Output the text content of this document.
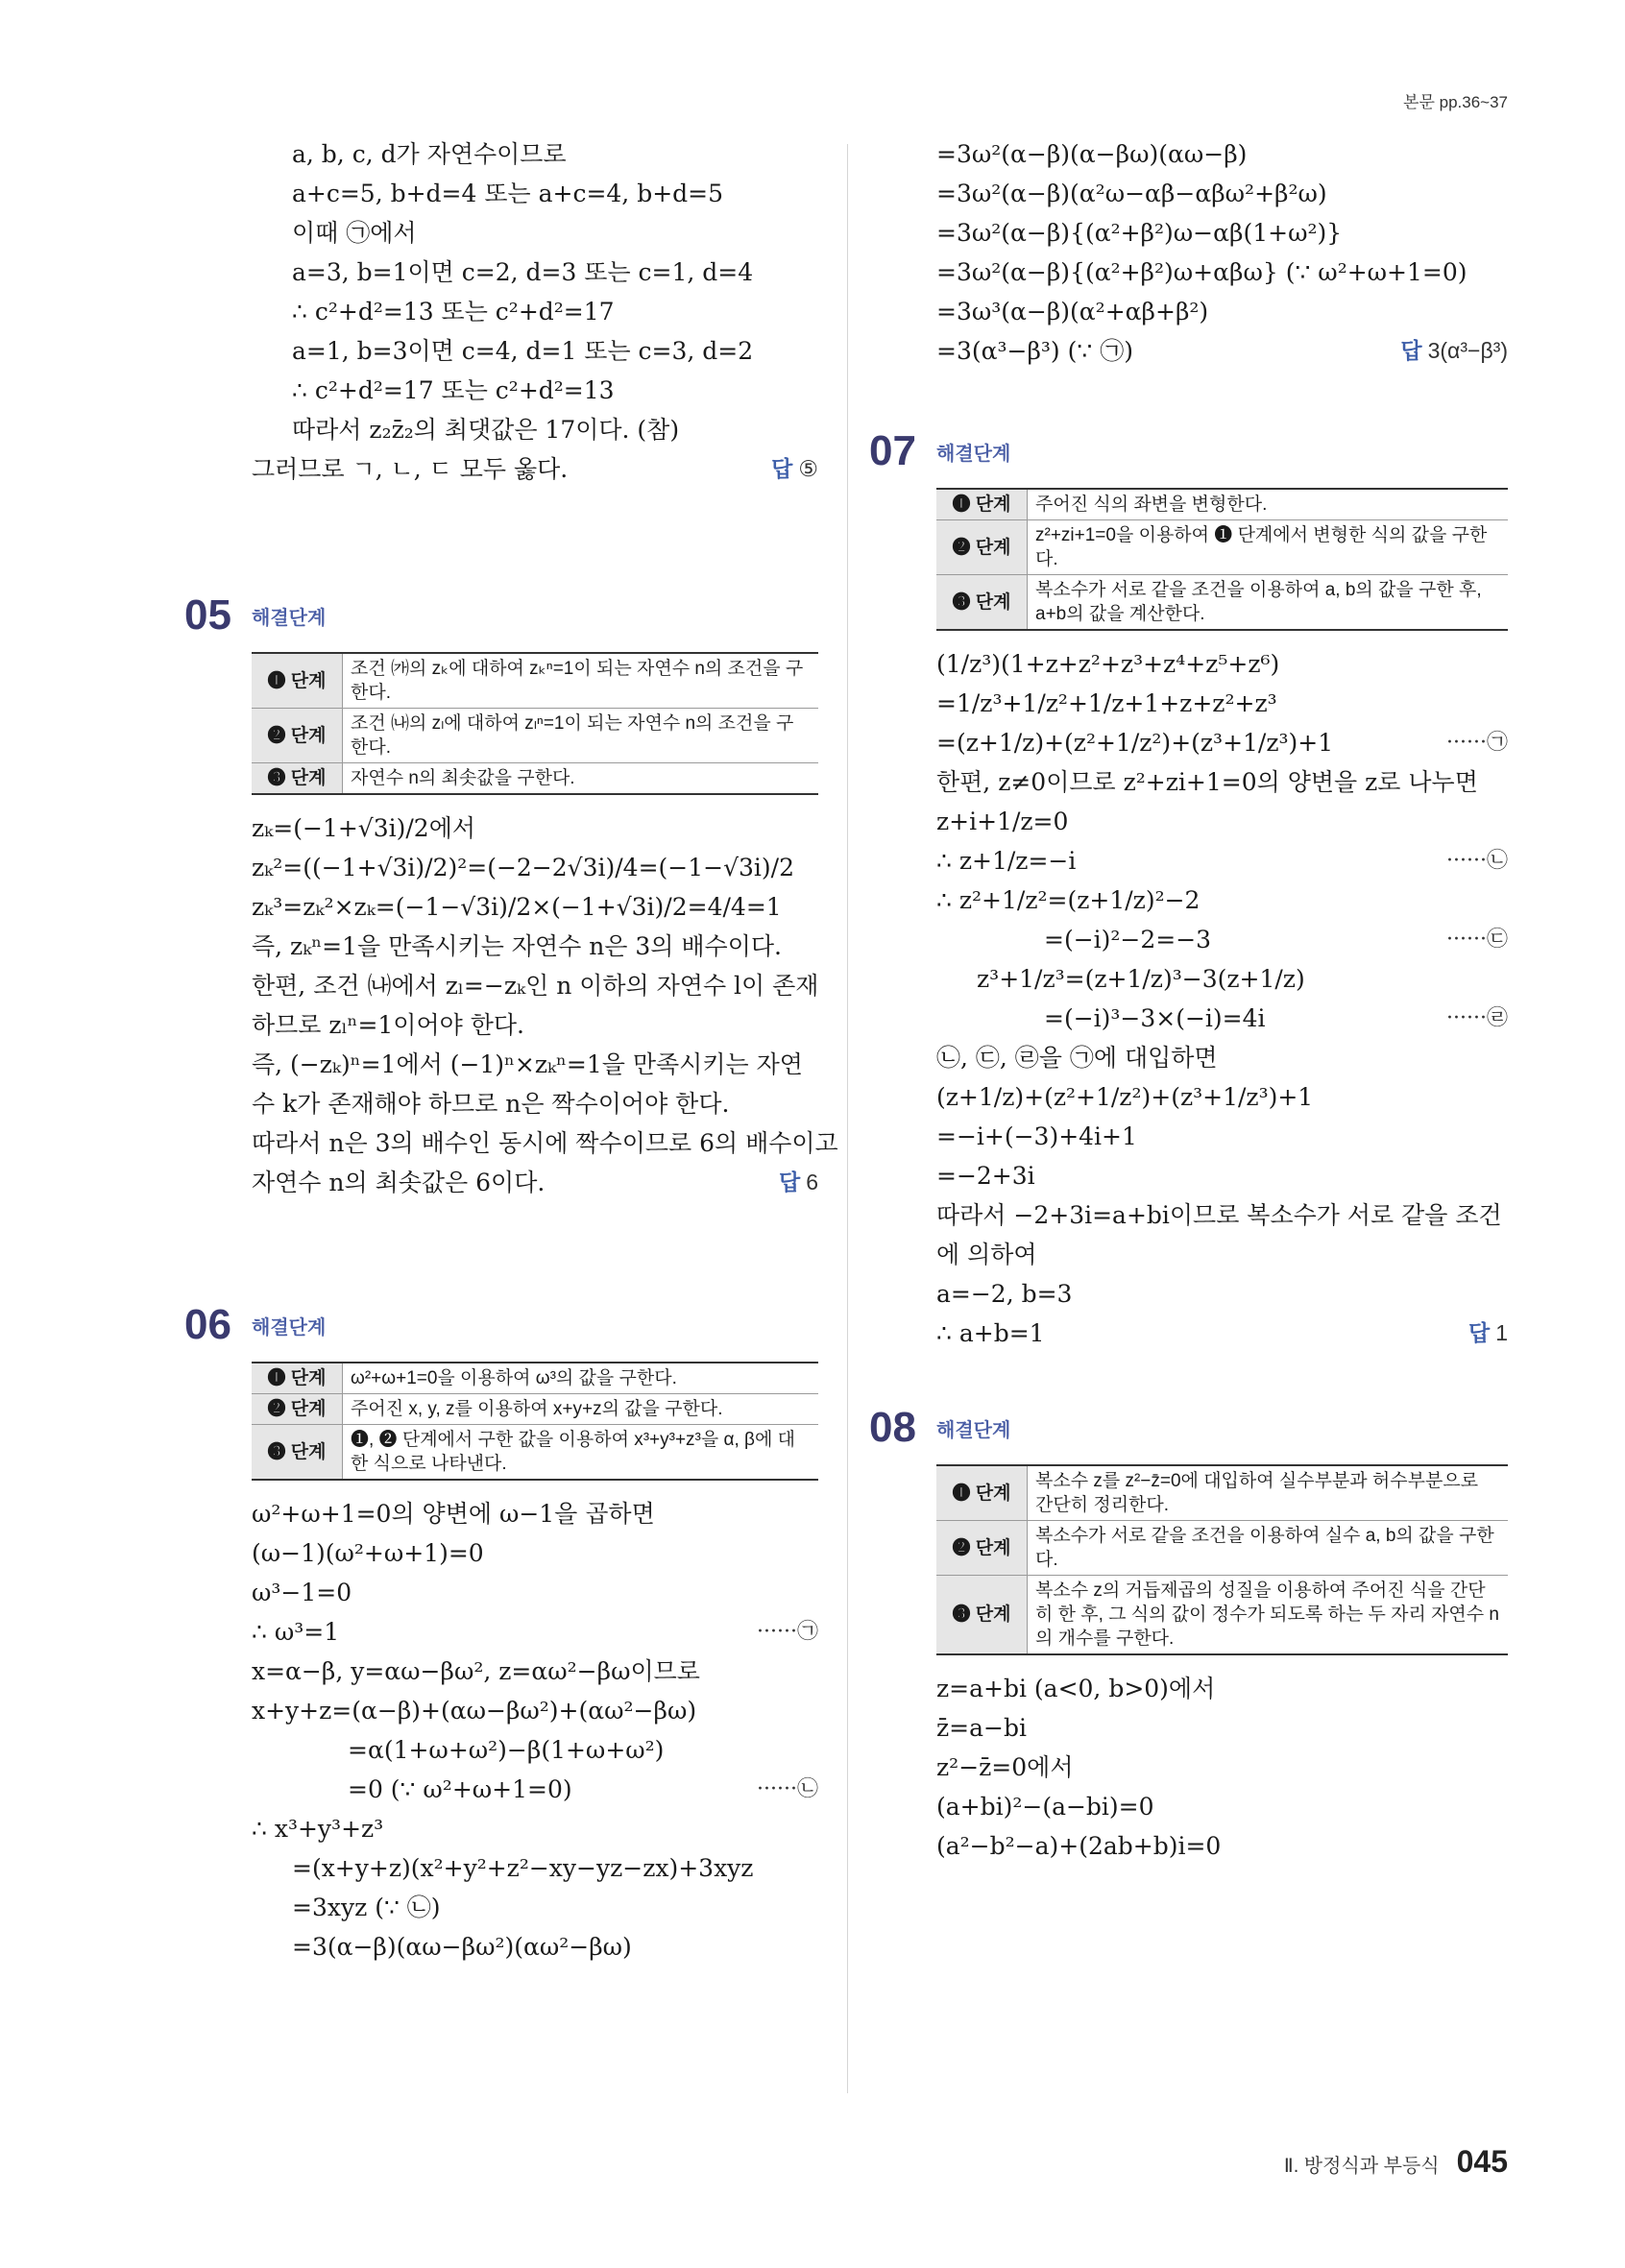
본문 pp.36~37
a, b, c, d가 자연수이므로
a+c=5, b+d=4 또는 a+c=4, b+d=5
이때 ㉠에서
a=3, b=1이면 c=2, d=3 또는 c=1, d=4
∴ c²+d²=13 또는 c²+d²=17
a=1, b=3이면 c=4, d=1 또는 c=3, d=2
∴ c²+d²=17 또는 c²+d²=13
따라서 z₂z̄₂의 최댓값은 17이다. (참)
그러므로 ㄱ, ㄴ, ㄷ 모두 옳다.	답 ⑤
05	해결단계
❶ 단계	조건 ㈎의 zₖ에 대하여 zₖⁿ=1이 되는 자연수 n의 조건을 구한다.
❷ 단계	조건 ㈏의 zₗ에 대하여 zₗⁿ=1이 되는 자연수 n의 조건을 구한다.
❸ 단계	자연수 n의 최솟값을 구한다.
zₖ=(−1+√3i)/2에서
zₖ²=((−1+√3i)/2)²=(−2−2√3i)/4=(−1−√3i)/2
zₖ³=zₖ²×zₖ=(−1−√3i)/2×(−1+√3i)/2=4/4=1
즉, zₖⁿ=1을 만족시키는 자연수 n은 3의 배수이다.
한편, 조건 ㈏에서 zₗ=−zₖ인 n 이하의 자연수 l이 존재
하므로 zₗⁿ=1이어야 한다.
즉, (−zₖ)ⁿ=1에서 (−1)ⁿ×zₖⁿ=1을 만족시키는 자연
수 k가 존재해야 하므로 n은 짝수이어야 한다.
따라서 n은 3의 배수인 동시에 짝수이므로 6의 배수이고
자연수 n의 최솟값은 6이다.	답 6
06	해결단계
❶ 단계	ω²+ω+1=0을 이용하여 ω³의 값을 구한다.
❷ 단계	주어진 x, y, z를 이용하여 x+y+z의 값을 구한다.
❸ 단계	❶, ❷ 단계에서 구한 값을 이용하여 x³+y³+z³을 α, β에 대한 식으로 나타낸다.
ω²+ω+1=0의 양변에 ω−1을 곱하면
(ω−1)(ω²+ω+1)=0
ω³−1=0
∴ ω³=1	······㉠
x=α−β, y=αω−βω², z=αω²−βω이므로
x+y+z=(α−β)+(αω−βω²)+(αω²−βω)
=α(1+ω+ω²)−β(1+ω+ω²)
=0 (∵ ω²+ω+1=0)	······㉡
∴ x³+y³+z³
=(x+y+z)(x²+y²+z²−xy−yz−zx)+3xyz
=3xyz (∵ ㉡)
=3(α−β)(αω−βω²)(αω²−βω)
=3ω²(α−β)(α−βω)(αω−β)
=3ω²(α−β)(α²ω−αβ−αβω²+β²ω)
=3ω²(α−β){(α²+β²)ω−αβ(1+ω²)}
=3ω²(α−β){(α²+β²)ω+αβω} (∵ ω²+ω+1=0)
=3ω³(α−β)(α²+αβ+β²)
=3(α³−β³) (∵ ㉠)	답 3(α³−β³)
07	해결단계
❶ 단계	주어진 식의 좌변을 변형한다.
❷ 단계	z²+zi+1=0을 이용하여 ❶ 단계에서 변형한 식의 값을 구한다.
❸ 단계	복소수가 서로 같을 조건을 이용하여 a, b의 값을 구한 후, a+b의 값을 계산한다.
(1/z³)(1+z+z²+z³+z⁴+z⁵+z⁶)
=1/z³+1/z²+1/z+1+z+z²+z³
=(z+1/z)+(z²+1/z²)+(z³+1/z³)+1	······㉠
한편, z≠0이므로 z²+zi+1=0의 양변을 z로 나누면
z+i+1/z=0
∴ z+1/z=−i	······㉡
∴ z²+1/z²=(z+1/z)²−2
=(−i)²−2=−3	······㉢
z³+1/z³=(z+1/z)³−3(z+1/z)
=(−i)³−3×(−i)=4i	······㉣
㉡, ㉢, ㉣을 ㉠에 대입하면
(z+1/z)+(z²+1/z²)+(z³+1/z³)+1
=−i+(−3)+4i+1
=−2+3i
따라서 −2+3i=a+bi이므로 복소수가 서로 같을 조건
에 의하여
a=−2, b=3
∴ a+b=1	답 1
08	해결단계
❶ 단계	복소수 z를 z²−z̄=0에 대입하여 실수부분과 허수부분으로 간단히 정리한다.
❷ 단계	복소수가 서로 같을 조건을 이용하여 실수 a, b의 값을 구한다.
❸ 단계	복소수 z의 거듭제곱의 성질을 이용하여 주어진 식을 간단히 한 후, 그 식의 값이 정수가 되도록 하는 두 자리 자연수 n의 개수를 구한다.
z=a+bi (a<0, b>0)에서
z̄=a−bi
z²−z̄=0에서
(a+bi)²−(a−bi)=0
(a²−b²−a)+(2ab+b)i=0
Ⅱ. 방정식과 부등식 045
